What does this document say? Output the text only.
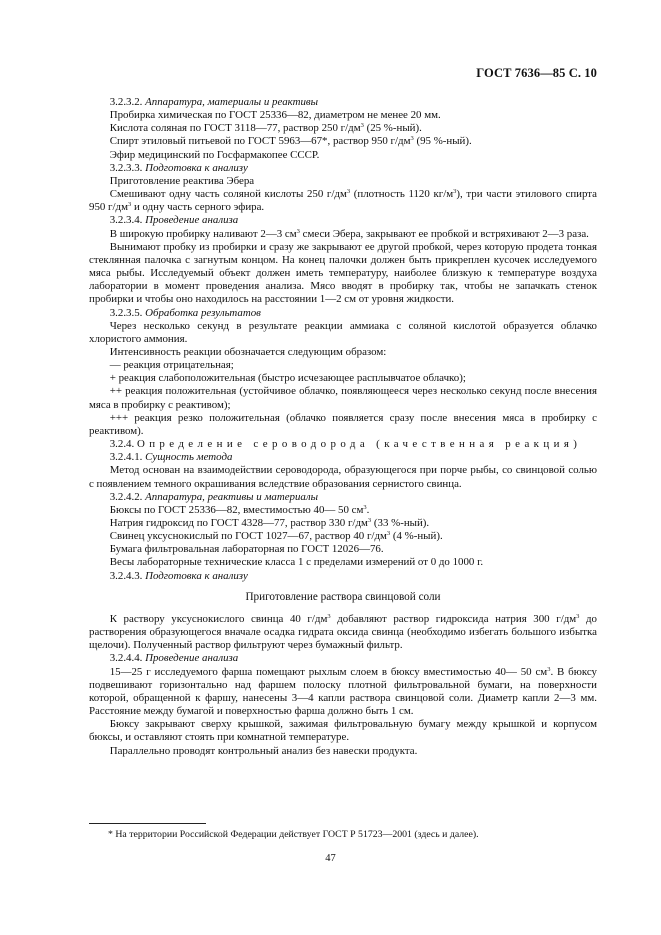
ГОСТ 7636—85 С. 10

3.2.3.2. Аппаратура, материалы и реактивы

Пробирка химическая по ГОСТ 25336—82, диаметром не менее 20 мм.

Кислота соляная по ГОСТ 3118—77, раствор 250 $г/дм^3$ (25 %-ный).

Спирт этиловый питьевой по ГОСТ 5963—67*, раствор 950 $г/дм^3$ (95 %-ный).

Эфир медицинский по Госфармакопее СССР.

3.2.3.3. Подготовка к анализу

Приготовление реактива Эбера

Смешивают одну часть соляной кислоты 250 $г/дм^3$ (плотность 1120 $кг/м^3$), три части этилового спирта 950 $г/дм^3$ и одну часть серного эфира.

3.2.3.4. Проведение анализа

В широкую пробирку наливают 2—3 $см^3$ смеси Эбера, закрывают ее пробкой и встряхивают 2—3 раза.

Вынимают пробку из пробирки и сразу же закрывают ее другой пробкой, через которую продета тонкая стеклянная палочка с загнутым концом. На конец палочки должен быть прикреплен кусочек исследуемого мяса рыбы. Исследуемый объект должен иметь температуру, наиболее близкую к температуре воздуха лаборатории в момент проведения анализа. Мясо вводят в пробирку так, чтобы не запачкать стенок пробирки и чтобы оно находилось на расстоянии 1—2 см от уровня жидкости.

3.2.3.5. Обработка результатов

Через несколько секунд в результате реакции аммиака с соляной кислотой образуется облачко хлористого аммония.

Интенсивность реакции обозначается следующим образом:

— реакция отрицательная;

+ реакция слабоположительная (быстро исчезающее расплывчатое облачко);

++ реакция положительная (устойчивое облачко, появляющееся через несколько секунд после внесения мяса в пробирку с реактивом);

+++ реакция резко положительная (облачко появляется сразу после внесения мяса в пробирку с реактивом).

3.2.4. Определение сероводорода (качественная реакция)

3.2.4.1. Сущность метода

Метод основан на взаимодействии сероводорода, образующегося при порче рыбы, со свинцовой солью с появлением темного окрашивания вследствие образования сернистого свинца.

3.2.4.2. Аппаратура, реактивы и материалы

Бюксы по ГОСТ 25336—82, вместимостью 40— 50 $см^3$.

Натрия гидроксид по ГОСТ 4328—77, раствор 330 $г/дм^3$ (33 %-ный).

Свинец уксуснокислый по ГОСТ 1027—67, раствор 40 $г/дм^3$ (4 %-ный).

Бумага фильтровальная лабораторная по ГОСТ 12026—76.

Весы лабораторные технические класса 1 с пределами измерений от 0 до 1000 г.

3.2.4.3. Подготовка к анализу

Приготовление раствора свинцовой соли

К раствору уксуснокислого свинца 40 $г/дм^3$ добавляют раствор гидроксида натрия 300 $г/дм^3$ до растворения образующегося вначале осадка гидрата оксида свинца (необходимо избегать большого избытка щелочи). Полученный раствор фильтруют через бумажный фильтр.

3.2.4.4. Проведение анализа

15—25 г исследуемого фарша помещают рыхлым слоем в бюксу вместимостью 40— 50 $см^3$. В бюксу подвешивают горизонтально над фаршем полоску плотной фильтровальной бумаги, на поверхности которой, обращенной к фаршу, нанесены 3—4 капли раствора свинцовой соли. Диаметр капли 2—3 мм. Расстояние между бумагой и поверхностью фарша должно быть 1 см.

Бюксу закрывают сверху крышкой, зажимая фильтровальную бумагу между крышкой и корпусом бюксы, и оставляют стоять при комнатной температуре.

Параллельно проводят контрольный анализ без навески продукта.

* На территории Российской Федерации действует ГОСТ Р 51723—2001 (здесь и далее).
47
